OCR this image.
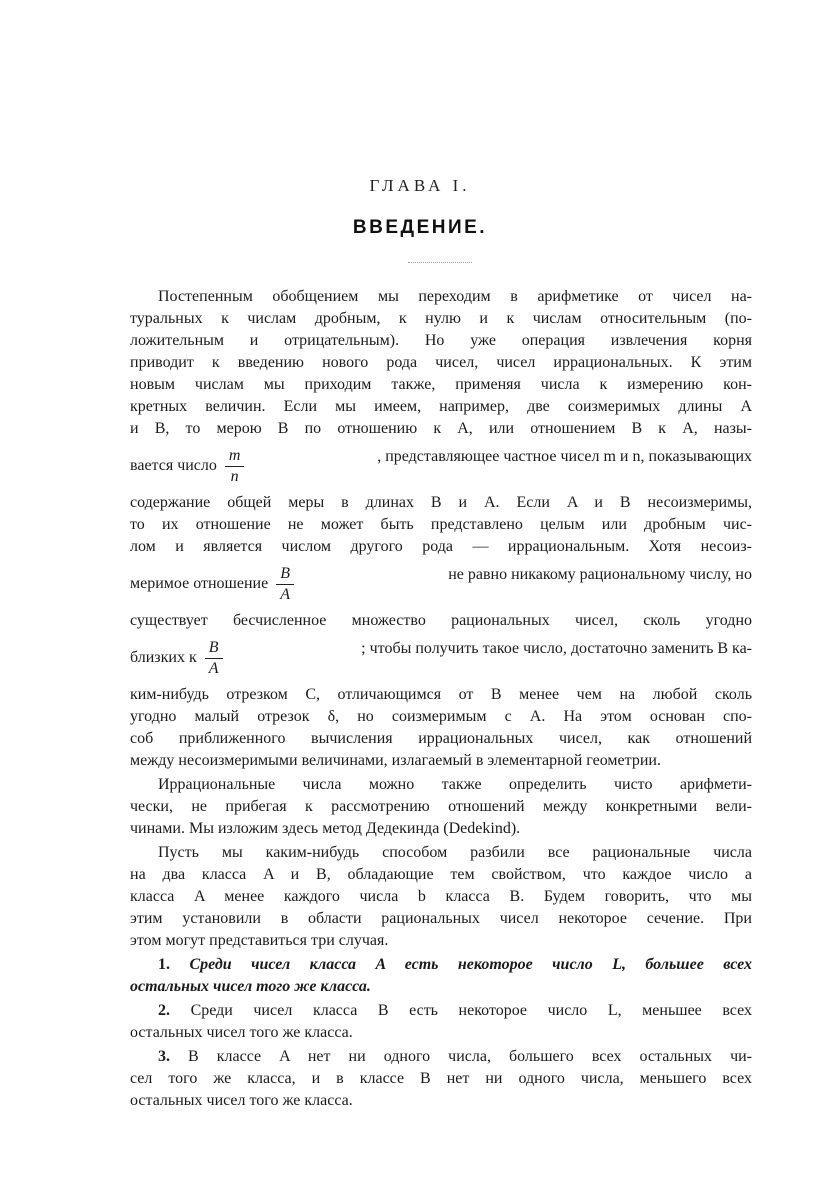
ГЛАВА I.
ВВЕДЕНИЕ.
Постепенным обобщением мы переходим в арифметике от чисел на-
туральных к числам дробным, к нулю и к числам относительным (по-
ложительным и отрицательным). Но уже операция извлечения корня
приводит к введению нового рода чисел, чисел иррациональных. К этим
новым числам мы приходим также, применяя числа к измерению кон-
кретных величин. Если мы имеем, например, две соизмеримых длины A
и B, то мерою B по отношению к A, или отношением B к A, назы-
вается число $\frac{m}{n}$	, представляющее частное чисел m и n, показывающих
содержание общей меры в длинах B и A. Если A и B несоизмеримы,
то их отношение не может быть представлено целым или дробным чис-
лом и является числом другого рода — иррациональным. Хотя несоиз-
меримое отношение $\frac{B}{A}$	не равно никакому рациональному числу, но
существует бесчисленное множество рациональных чисел, сколь угодно
близких к $\frac{B}{A}$	; чтобы получить такое число, достаточно заменить B ка-
ким-нибудь отрезком C, отличающимся от B менее чем на любой сколь
угодно малый отрезок δ, но соизмеримым с A. На этом основан спо-
соб приближенного вычисления иррациональных чисел, как отношений
между несоизмеримыми величинами, излагаемый в элементарной геометрии.
Иррациональные числа можно также определить чисто арифмети-
чески, не прибегая к рассмотрению отношений между конкретными вели-
чинами. Мы изложим здесь метод Дедекинда (Dedekind).
Пусть мы каким-нибудь способом разбили все рациональные числа
на два класса A и B, обладающие тем свойством, что каждое число a
класса A менее каждого числа b класса B. Будем говорить, что мы
этим установили в области рациональных чисел некоторое сечение. При
этом могут представиться три случая.
1. Среди чисел класса A есть некоторое число L, большее всех
остальных чисел того же класса.
2. Среди чисел класса B есть некоторое число L, меньшее всех
остальных чисел того же класса.
3. В классе A нет ни одного числа, большего всех остальных чи-
сел того же класса, и в классе B нет ни одного числа, меньшего всех
остальных чисел того же класса.
